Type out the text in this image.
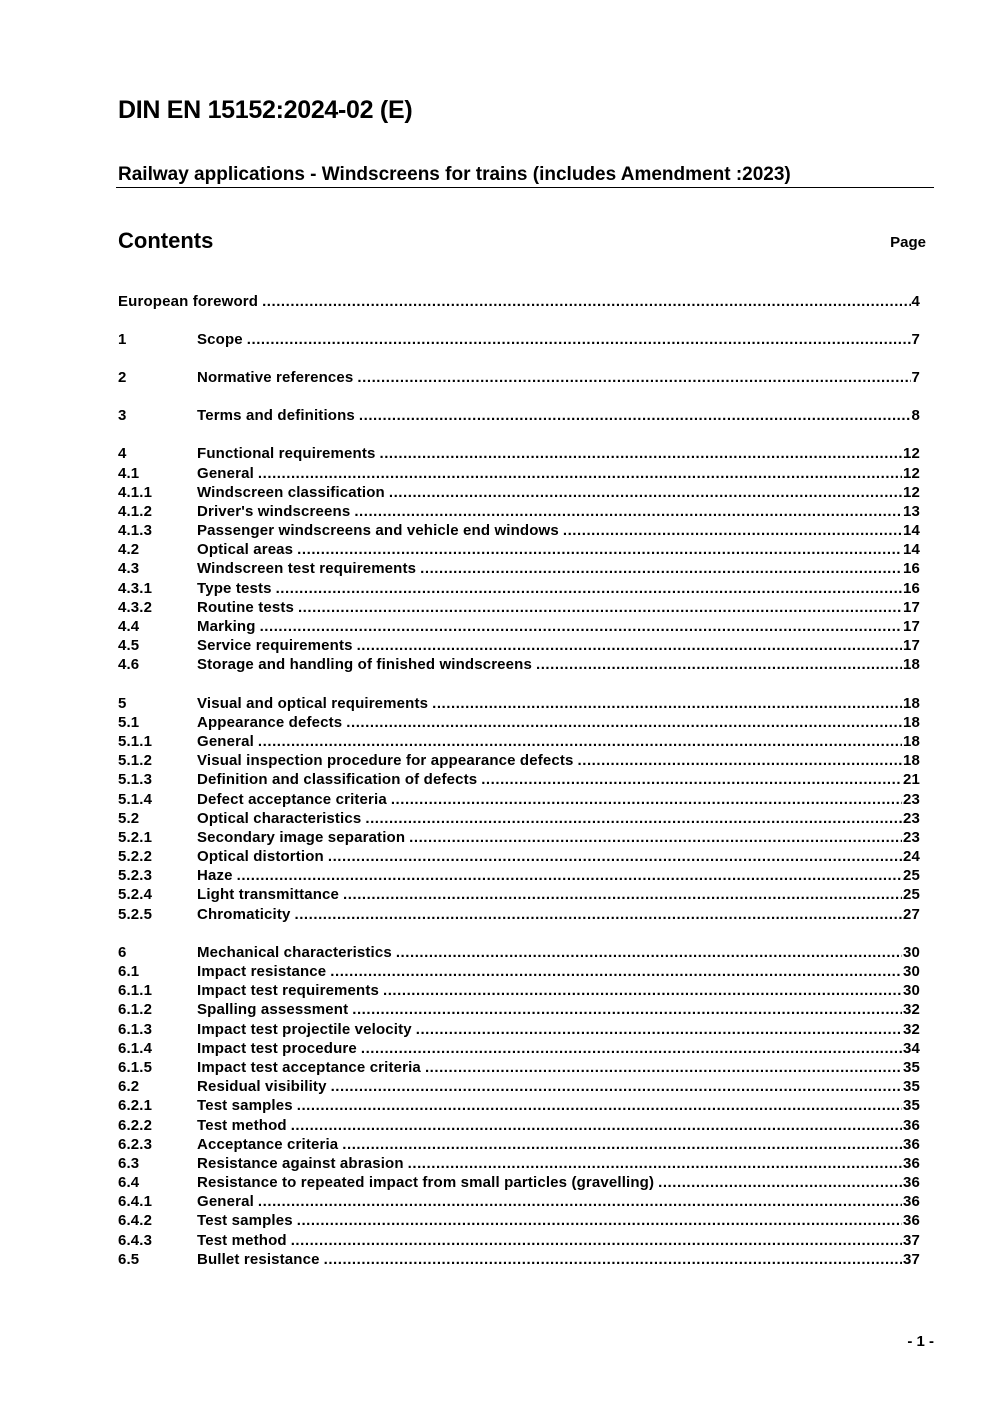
DIN EN 15152:2024-02 (E)
Railway applications - Windscreens for trains (includes Amendment :2023)
Contents	Page
European foreword .....	4
1	Scope .....	7
2	Normative references .....	7
3	Terms and definitions .....	8
4	Functional requirements .....	12
4.1	General .....	12
4.1.1	Windscreen classification .....	12
4.1.2	Driver's windscreens .....	13
4.1.3	Passenger windscreens and vehicle end windows .....	14
4.2	Optical areas .....	14
4.3	Windscreen test requirements .....	16
4.3.1	Type tests .....	16
4.3.2	Routine tests .....	17
4.4	Marking .....	17
4.5	Service requirements .....	17
4.6	Storage and handling of finished windscreens .....	18
5	Visual and optical requirements .....	18
5.1	Appearance defects .....	18
5.1.1	General .....	18
5.1.2	Visual inspection procedure for appearance defects .....	18
5.1.3	Definition and classification of defects .....	21
5.1.4	Defect acceptance criteria .....	23
5.2	Optical characteristics .....	23
5.2.1	Secondary image separation .....	23
5.2.2	Optical distortion .....	24
5.2.3	Haze .....	25
5.2.4	Light transmittance .....	25
5.2.5	Chromaticity .....	27
6	Mechanical characteristics .....	30
6.1	Impact resistance .....	30
6.1.1	Impact test requirements .....	30
6.1.2	Spalling assessment .....	32
6.1.3	Impact test projectile velocity .....	32
6.1.4	Impact test procedure .....	34
6.1.5	Impact test acceptance criteria .....	35
6.2	Residual visibility .....	35
6.2.1	Test samples .....	35
6.2.2	Test method .....	36
6.2.3	Acceptance criteria .....	36
6.3	Resistance against abrasion .....	36
6.4	Resistance to repeated impact from small particles (gravelling) .....	36
6.4.1	General .....	36
6.4.2	Test samples .....	36
6.4.3	Test method .....	37
6.5	Bullet resistance .....	37
- 1 -
